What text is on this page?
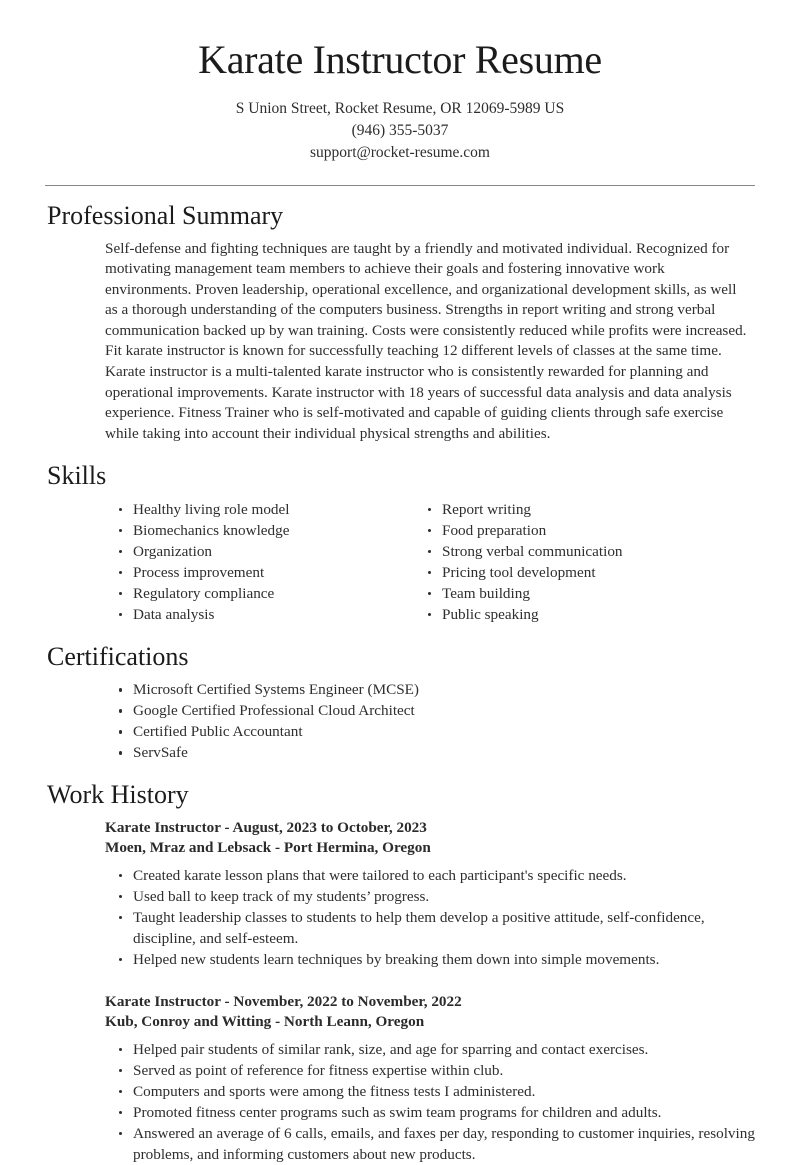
Karate Instructor Resume
S Union Street, Rocket Resume, OR 12069-5989 US
(946) 355-5037
support@rocket-resume.com
Professional Summary

Self-defense and fighting techniques are taught by a friendly and motivated individual. Recognized for motivating management team members to achieve their goals and fostering innovative work environments. Proven leadership, operational excellence, and organizational development skills, as well as a thorough understanding of the computers business. Strengths in report writing and strong verbal communication backed up by wan training. Costs were consistently reduced while profits were increased. Fit karate instructor is known for successfully teaching 12 different levels of classes at the same time. Karate instructor is a multi-talented karate instructor who is consistently rewarded for planning and operational improvements. Karate instructor with 18 years of successful data analysis and data analysis experience. Fitness Trainer who is self-motivated and capable of guiding clients through safe exercise while taking into account their individual physical strengths and abilities.

Skills
Healthy living role model
Biomechanics knowledge
Organization
Process improvement
Regulatory compliance
Data analysis
Report writing
Food preparation
Strong verbal communication
Pricing tool development
Team building
Public speaking
Certifications
Microsoft Certified Systems Engineer (MCSE)
Google Certified Professional Cloud Architect
Certified Public Accountant
ServSafe
Work History
Karate Instructor - August, 2023 to October, 2023
Moen, Mraz and Lebsack - Port Hermina, Oregon
Created karate lesson plans that were tailored to each participant's specific needs.
Used ball to keep track of my students’ progress.
Taught leadership classes to students to help them develop a positive attitude, self-confidence, discipline, and self-esteem.
Helped new students learn techniques by breaking them down into simple movements.
Karate Instructor - November, 2022 to November, 2022
Kub, Conroy and Witting - North Leann, Oregon
Helped pair students of similar rank, size, and age for sparring and contact exercises.
Served as point of reference for fitness expertise within club.
Computers and sports were among the fitness tests I administered.
Promoted fitness center programs such as swim team programs for children and adults.
Answered an average of 6 calls, emails, and faxes per day, responding to customer inquiries, resolving problems, and informing customers about new products.
